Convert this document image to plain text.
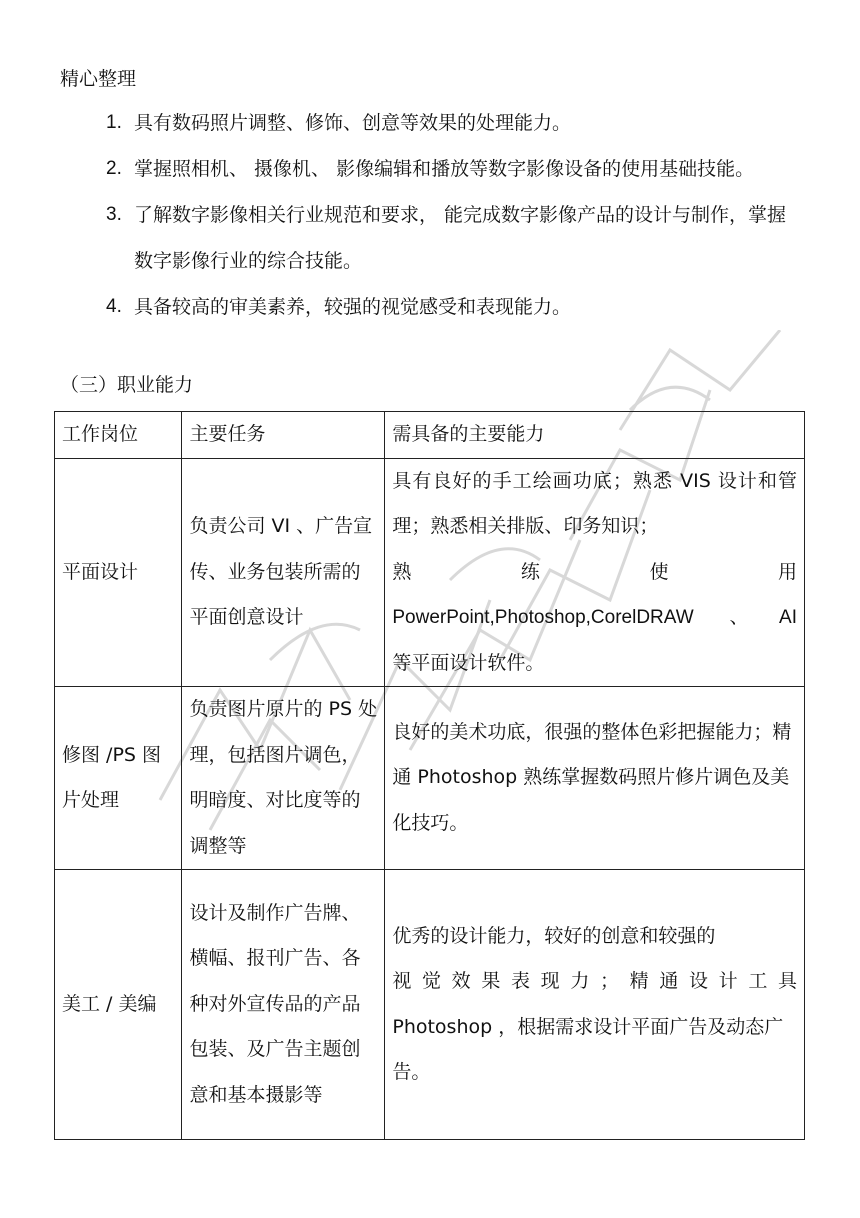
精心整理
1. 具有数码照片调整、修饰、创意等效果的处理能力。
2. 掌握照相机、 摄像机、 影像编辑和播放等数字影像设备的使用基础技能。
3. 了解数字影像相关行业规范和要求， 能完成数字影像产品的设计与制作，掌握数字影像行业的综合技能。
4. 具备较高的审美素养，较强的视觉感受和表现能力。
（三）职业能力
工作岗位	主要任务	需具备的主要能力
平面设计	负责公司 VI 、广告宣传、业务包装所需的平面创意设计	具有良好的手工绘画功底；熟悉 VIS 设计和管理；熟悉相关排版、印务知识；
熟 练 使 用
PowerPoint,Photoshop,CorelDRAW 、AI
等平面设计软件。

修图 /PS 图片处理	负责图片原片的 PS 处理，包括图片调色，明暗度、对比度等的调整等	良好的美术功底，很强的整体色彩把握能力；精通 Photoshop 熟练掌握数码照片修片调色及美化技巧。
美工 / 美编	设计及制作广告牌、横幅、报刊广告、各种对外宣传品的产品包装、及广告主题创意和基本摄影等	优秀的设计能力，较好的创意和较强的
视觉效果表现力；精通设计工具
Photoshop ，根据需求设计平面广告及动态广告。
